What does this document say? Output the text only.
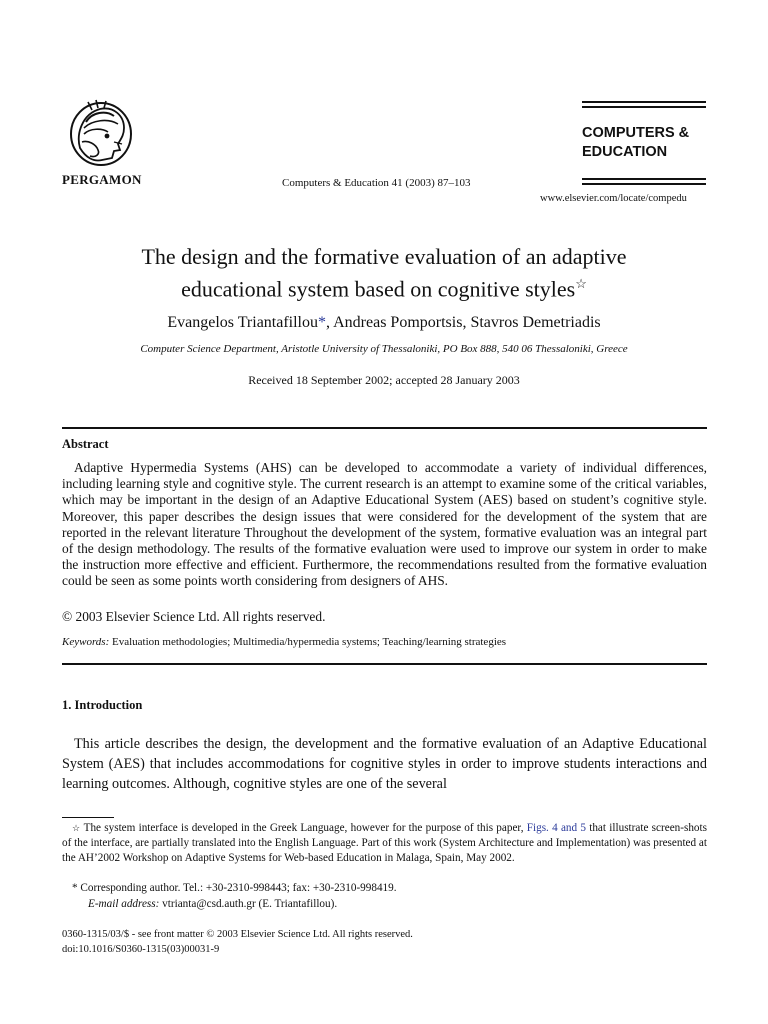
PERGAMON	Computers & Education 41 (2003) 87–103
COMPUTERS &
EDUCATION
www.elsevier.com/locate/compedu
The design and the formative evaluation of an adaptive
educational system based on cognitive styles☆
Evangelos Triantafillou*, Andreas Pomportsis, Stavros Demetriadis
Computer Science Department, Aristotle University of Thessaloniki, PO Box 888, 540 06 Thessaloniki, Greece
Received 18 September 2002; accepted 28 January 2003
Abstract
Adaptive Hypermedia Systems (AHS) can be developed to accommodate a variety of individual differences, including learning style and cognitive style. The current research is an attempt to examine some of the critical variables, which may be important in the design of an Adaptive Educational System (AES) based on student’s cognitive style. Moreover, this paper describes the design issues that were considered for the development of the system that are reported in the relevant literature Throughout the development of the system, formative evaluation was an integral part of the design methodology. The results of the formative evaluation were used to improve our system in order to make the instruction more effective and efficient. Furthermore, the recommendations resulted from the formative evaluation could be seen as some points worth considering from designers of AHS.
© 2003 Elsevier Science Ltd. All rights reserved.
Keywords: Evaluation methodologies; Multimedia/hypermedia systems; Teaching/learning strategies
1. Introduction
This article describes the design, the development and the formative evaluation of an Adaptive Educational System (AES) that includes accommodations for cognitive styles in order to improve students interactions and learning outcomes. Although, cognitive styles are one of the several
☆ The system interface is developed in the Greek Language, however for the purpose of this paper, Figs. 4 and 5 that illustrate screen-shots of the interface, are partially translated into the English Language. Part of this work (System Architecture and Implementation) was presented at the AH’2002 Workshop on Adaptive Systems for Web-based Education in Malaga, Spain, May 2002.
* Corresponding author. Tel.: +30-2310-998443; fax: +30-2310-998419.
E-mail address: vtrianta@csd.auth.gr (E. Triantafillou).
0360-1315/03/$ - see front matter © 2003 Elsevier Science Ltd. All rights reserved.
doi:10.1016/S0360-1315(03)00031-9
